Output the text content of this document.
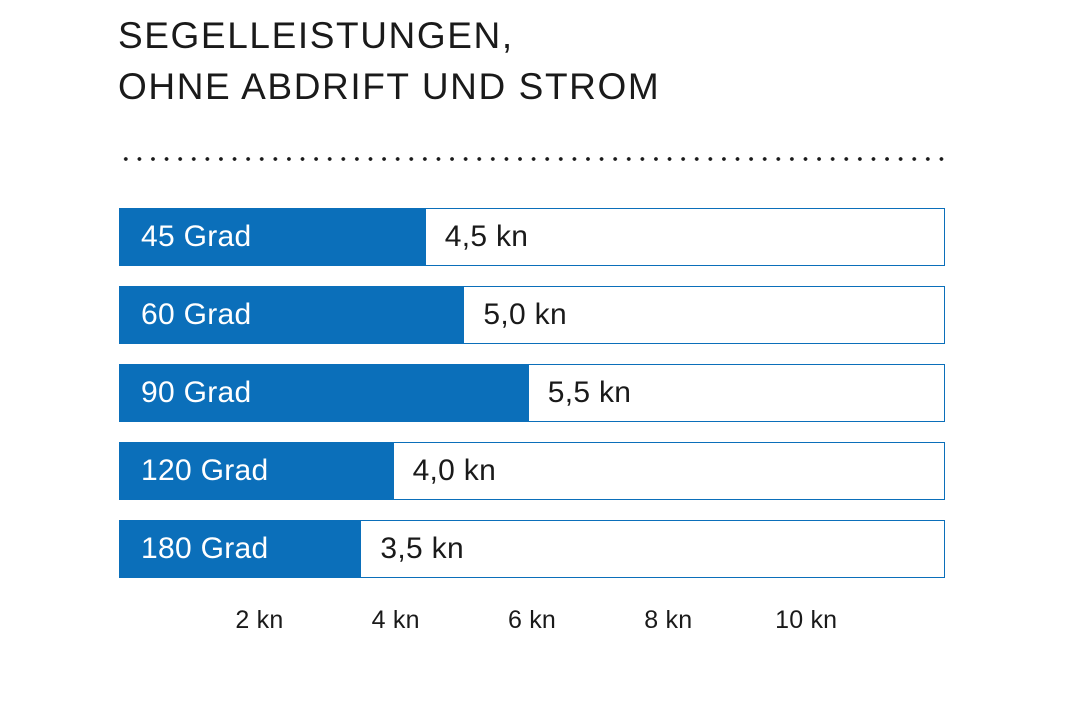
SEGELLEISTUNGEN,
OHNE ABDRIFT UND STROM
45 Grad	4,5 kn
60 Grad	5,0 kn
90 Grad	5,5 kn
120 Grad	4,0 kn
180 Grad	3,5 kn
2 kn	4 kn	6 kn	8 kn	10 kn
